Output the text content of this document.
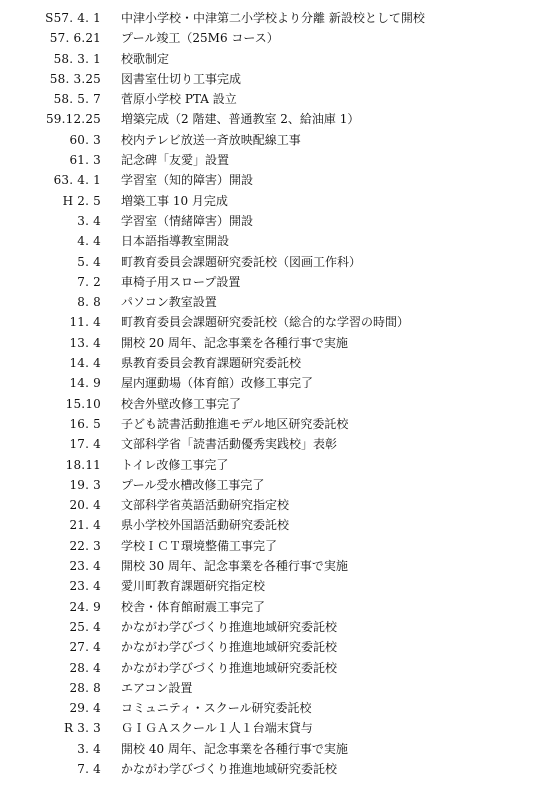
S57. 4. 1 中津小学校・中津第二小学校より分離 新設校として開校
57. 6.21 プール竣工（25M6 コース）
58. 3. 1 校歌制定
58. 3.25 図書室仕切り工事完成
58. 5. 7 菅原小学校 PTA 設立
59.12.25 増築完成（2 階建、普通教室 2、給油庫 1）
60. 3 校内テレビ放送一斉放映配線工事
61. 3 記念碑「友愛」設置
63. 4. 1 学習室（知的障害）開設
H 2. 5 増築工事 10 月完成
3. 4 学習室（情緒障害）開設
4. 4 日本語指導教室開設
5. 4 町教育委員会課題研究委託校（図画工作科）
7. 2 車椅子用スロープ設置
8. 8 パソコン教室設置
11. 4 町教育委員会課題研究委託校（総合的な学習の時間）
13. 4 開校 20 周年、記念事業を各種行事で実施
14. 4 県教育委員会教育課題研究委託校
14. 9 屋内運動場（体育館）改修工事完了
15.10 校舎外壁改修工事完了
16. 5 子ども読書活動推進モデル地区研究委託校
17. 4 文部科学省「読書活動優秀実践校」表彰
18.11 トイレ改修工事完了
19. 3 プール受水槽改修工事完了
20. 4 文部科学省英語活動研究指定校
21. 4 県小学校外国語活動研究委託校
22. 3 学校ＩＣＴ環境整備工事完了
23. 4 開校 30 周年、記念事業を各種行事で実施
23. 4 愛川町教育課題研究指定校
24. 9 校舎・体育館耐震工事完了
25. 4 かながわ学びづくり推進地域研究委託校
27. 4 かながわ学びづくり推進地域研究委託校
28. 4 かながわ学びづくり推進地域研究委託校
28. 8 エアコン設置
29. 4 コミュニティ・スクール研究委託校
R 3. 3 ＧＩＧＡスクール１人１台端末貸与
3. 4 開校 40 周年、記念事業を各種行事で実施
7. 4 かながわ学びづくり推進地域研究委託校
